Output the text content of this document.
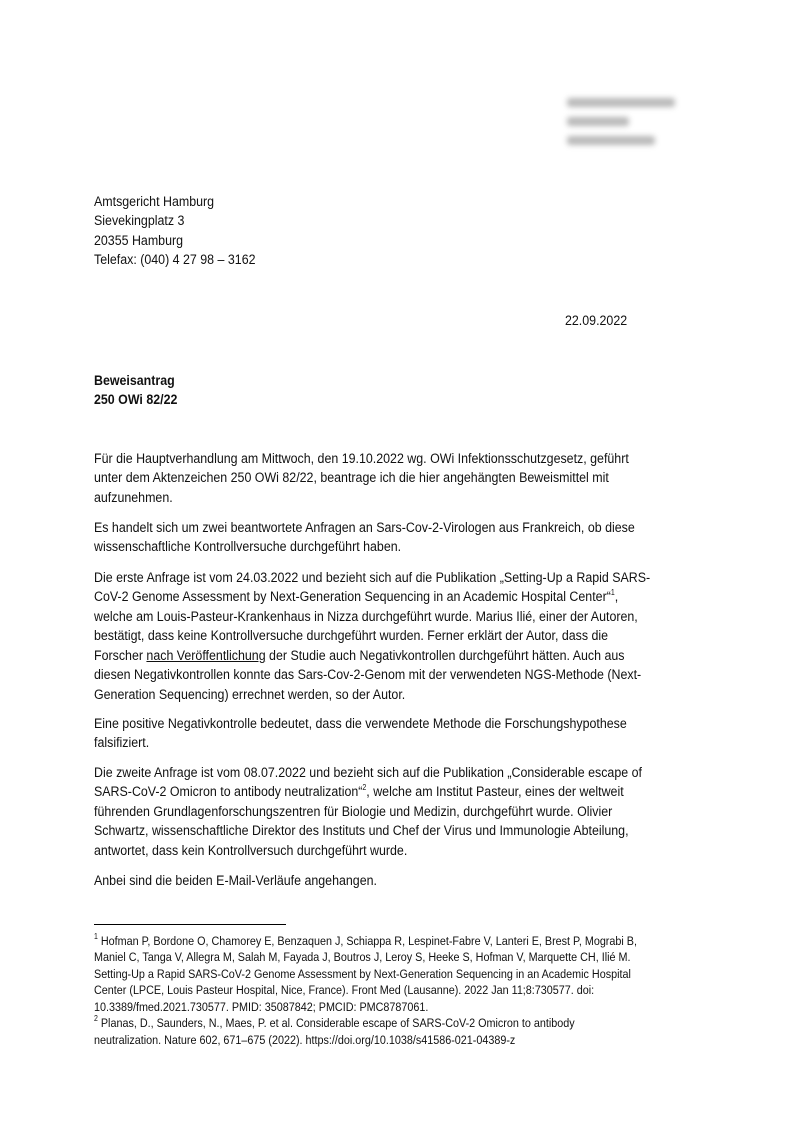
Amtsgericht Hamburg
Sievekingplatz 3
20355 Hamburg
Telefax: (040) 4 27 98 – 3162
22.09.2022
Beweisantrag
250 OWi 82/22
Für die Hauptverhandlung am Mittwoch, den 19.10.2022 wg. OWi Infektionsschutzgesetz, geführt
unter dem Aktenzeichen 250 OWi 82/22, beantrage ich die hier angehängten Beweismittel mit
aufzunehmen.
Es handelt sich um zwei beantwortete Anfragen an Sars-Cov-2-Virologen aus Frankreich, ob diese
wissenschaftliche Kontrollversuche durchgeführt haben.
Die erste Anfrage ist vom 24.03.2022 und bezieht sich auf die Publikation „Setting-Up a Rapid SARS-
CoV-2 Genome Assessment by Next-Generation Sequencing in an Academic Hospital Center“$^1$,
welche am Louis-Pasteur-Krankenhaus in Nizza durchgeführt wurde. Marius Ilié, einer der Autoren,
bestätigt, dass keine Kontrollversuche durchgeführt wurden. Ferner erklärt der Autor, dass die
Forscher nach Veröffentlichung der Studie auch Negativkontrollen durchgeführt hätten. Auch aus
diesen Negativkontrollen konnte das Sars-Cov-2-Genom mit der verwendeten NGS-Methode (Next-
Generation Sequencing) errechnet werden, so der Autor.
Eine positive Negativkontrolle bedeutet, dass die verwendete Methode die Forschungshypothese
falsifiziert.
Die zweite Anfrage ist vom 08.07.2022 und bezieht sich auf die Publikation „Considerable escape of
SARS-CoV-2 Omicron to antibody neutralization“$^2$, welche am Institut Pasteur, eines der weltweit
führenden Grundlagenforschungszentren für Biologie und Medizin, durchgeführt wurde. Olivier
Schwartz, wissenschaftliche Direktor des Instituts und Chef der Virus und Immunologie Abteilung,
antwortet, dass kein Kontrollversuch durchgeführt wurde.
Anbei sind die beiden E-Mail-Verläufe angehangen.
$^1$ Hofman P, Bordone O, Chamorey E, Benzaquen J, Schiappa R, Lespinet-Fabre V, Lanteri E, Brest P, Mograbi B,
Maniel C, Tanga V, Allegra M, Salah M, Fayada J, Boutros J, Leroy S, Heeke S, Hofman V, Marquette CH, Ilié M.
Setting-Up a Rapid SARS-CoV-2 Genome Assessment by Next-Generation Sequencing in an Academic Hospital
Center (LPCE, Louis Pasteur Hospital, Nice, France). Front Med (Lausanne). 2022 Jan 11;8:730577. doi:
10.3389/fmed.2021.730577. PMID: 35087842; PMCID: PMC8787061.
$^2$ Planas, D., Saunders, N., Maes, P. et al. Considerable escape of SARS-CoV-2 Omicron to antibody
neutralization. Nature 602, 671–675 (2022). https://doi.org/10.1038/s41586-021-04389-z
